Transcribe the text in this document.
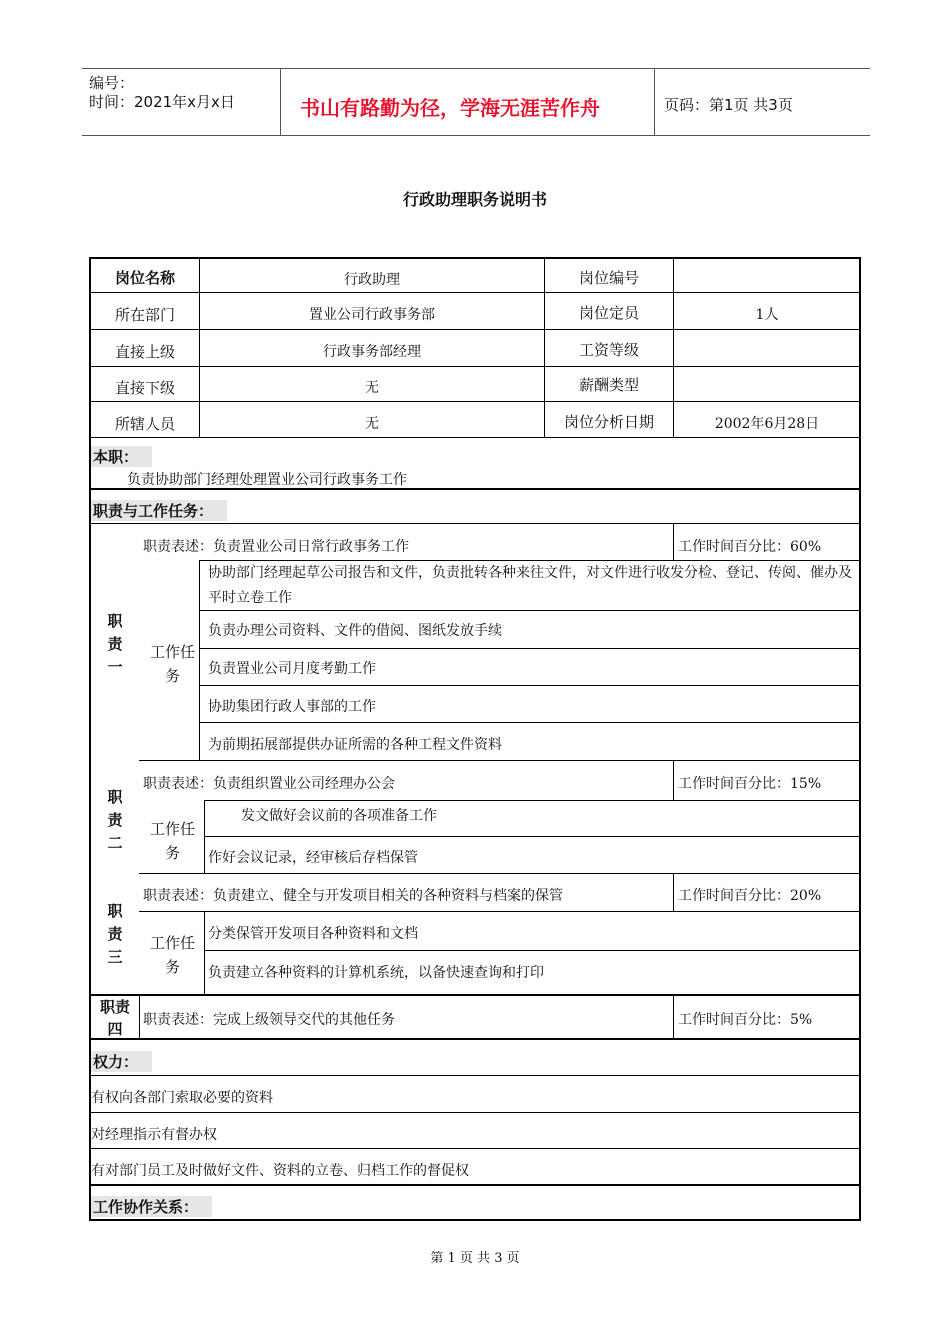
编号：
时间：2021年x月x日	书山有路勤为径，学海无涯苦作舟	页码：第1页 共3页
行政助理职务说明书
岗位名称	行政助理	岗位编号
所在部门	置业公司行政事务部	岗位定员	1人
直接上级	行政事务部经理	工资等级
直接下级	无	薪酬类型
所辖人员	无	岗位分析日期	2002年6月28日
本职：
负责协助部门经理处理置业公司行政事务工作
职责与工作任务：
职责一
职责表述：负责置业公司日常行政事务工作	工作时间百分比：60%
工作任务
协助部门经理起草公司报告和文件，负责批转各种来往文件，对文件进行收发分检、登记、传阅、催办及平时立卷工作
负责办理公司资料、文件的借阅、图纸发放手续
负责置业公司月度考勤工作
协助集团行政人事部的工作
为前期拓展部提供办证所需的各种工程文件资料
职责二
职责表述：负责组织置业公司经理办公会	工作时间百分比：15%
工作任务
发文做好会议前的各项准备工作
作好会议记录，经审核后存档保管
职责三
职责表述：负责建立、健全与开发项目相关的各种资料与档案的保管	工作时间百分比：20%
工作任务
分类保管开发项目各种资料和文档
负责建立各种资料的计算机系统，以备快速查询和打印
职责四	职责表述：完成上级领导交代的其他任务	工作时间百分比：5%
权力：
有权向各部门索取必要的资料
对经理指示有督办权
有对部门员工及时做好文件、资料的立卷、归档工作的督促权
工作协作关系：
第 1 页 共 3 页
